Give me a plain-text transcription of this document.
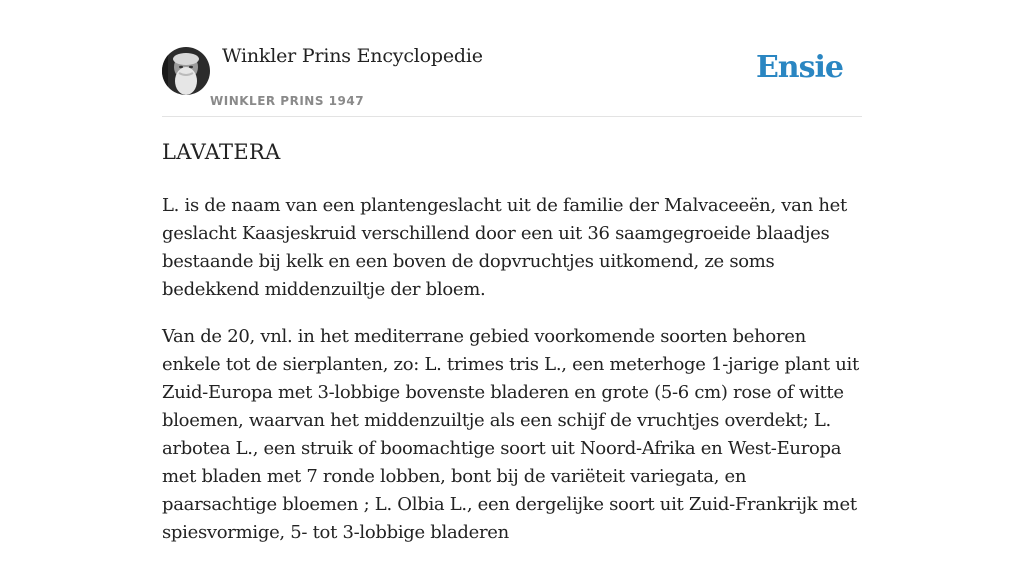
Winkler Prins Encyclopedie
WINKLER PRINS 1947
Ensie
LAVATERA

L. is de naam van een plantengeslacht uit de familie der Malvaceeën, van het geslacht Kaasjeskruid verschillend door een uit 36 saamgegroeide blaadjes bestaande bij kelk en een boven de dopvruchtjes uitkomend, ze soms bedekkend middenzuiltje der bloem.

Van de 20, vnl. in het mediterrane gebied voorkomende soorten behoren enkele tot de sierplanten, zo: L. trimes tris L., een meterhoge 1-jarige plant uit Zuid-Europa met 3-lobbige bovenste bladeren en grote (5-6 cm) rose of witte bloemen, waarvan het middenzuiltje als een schijf de vruchtjes overdekt; L. arbotea L., een struik of boomachtige soort uit Noord-Afrika en West-Europa met bladen met 7 ronde lobben, bont bij de variëteit variegata, en paarsachtige bloemen ; L. Olbia L., een dergelijke soort uit Zuid-Frankrijk met spiesvormige, 5- tot 3-lobbige bladeren
